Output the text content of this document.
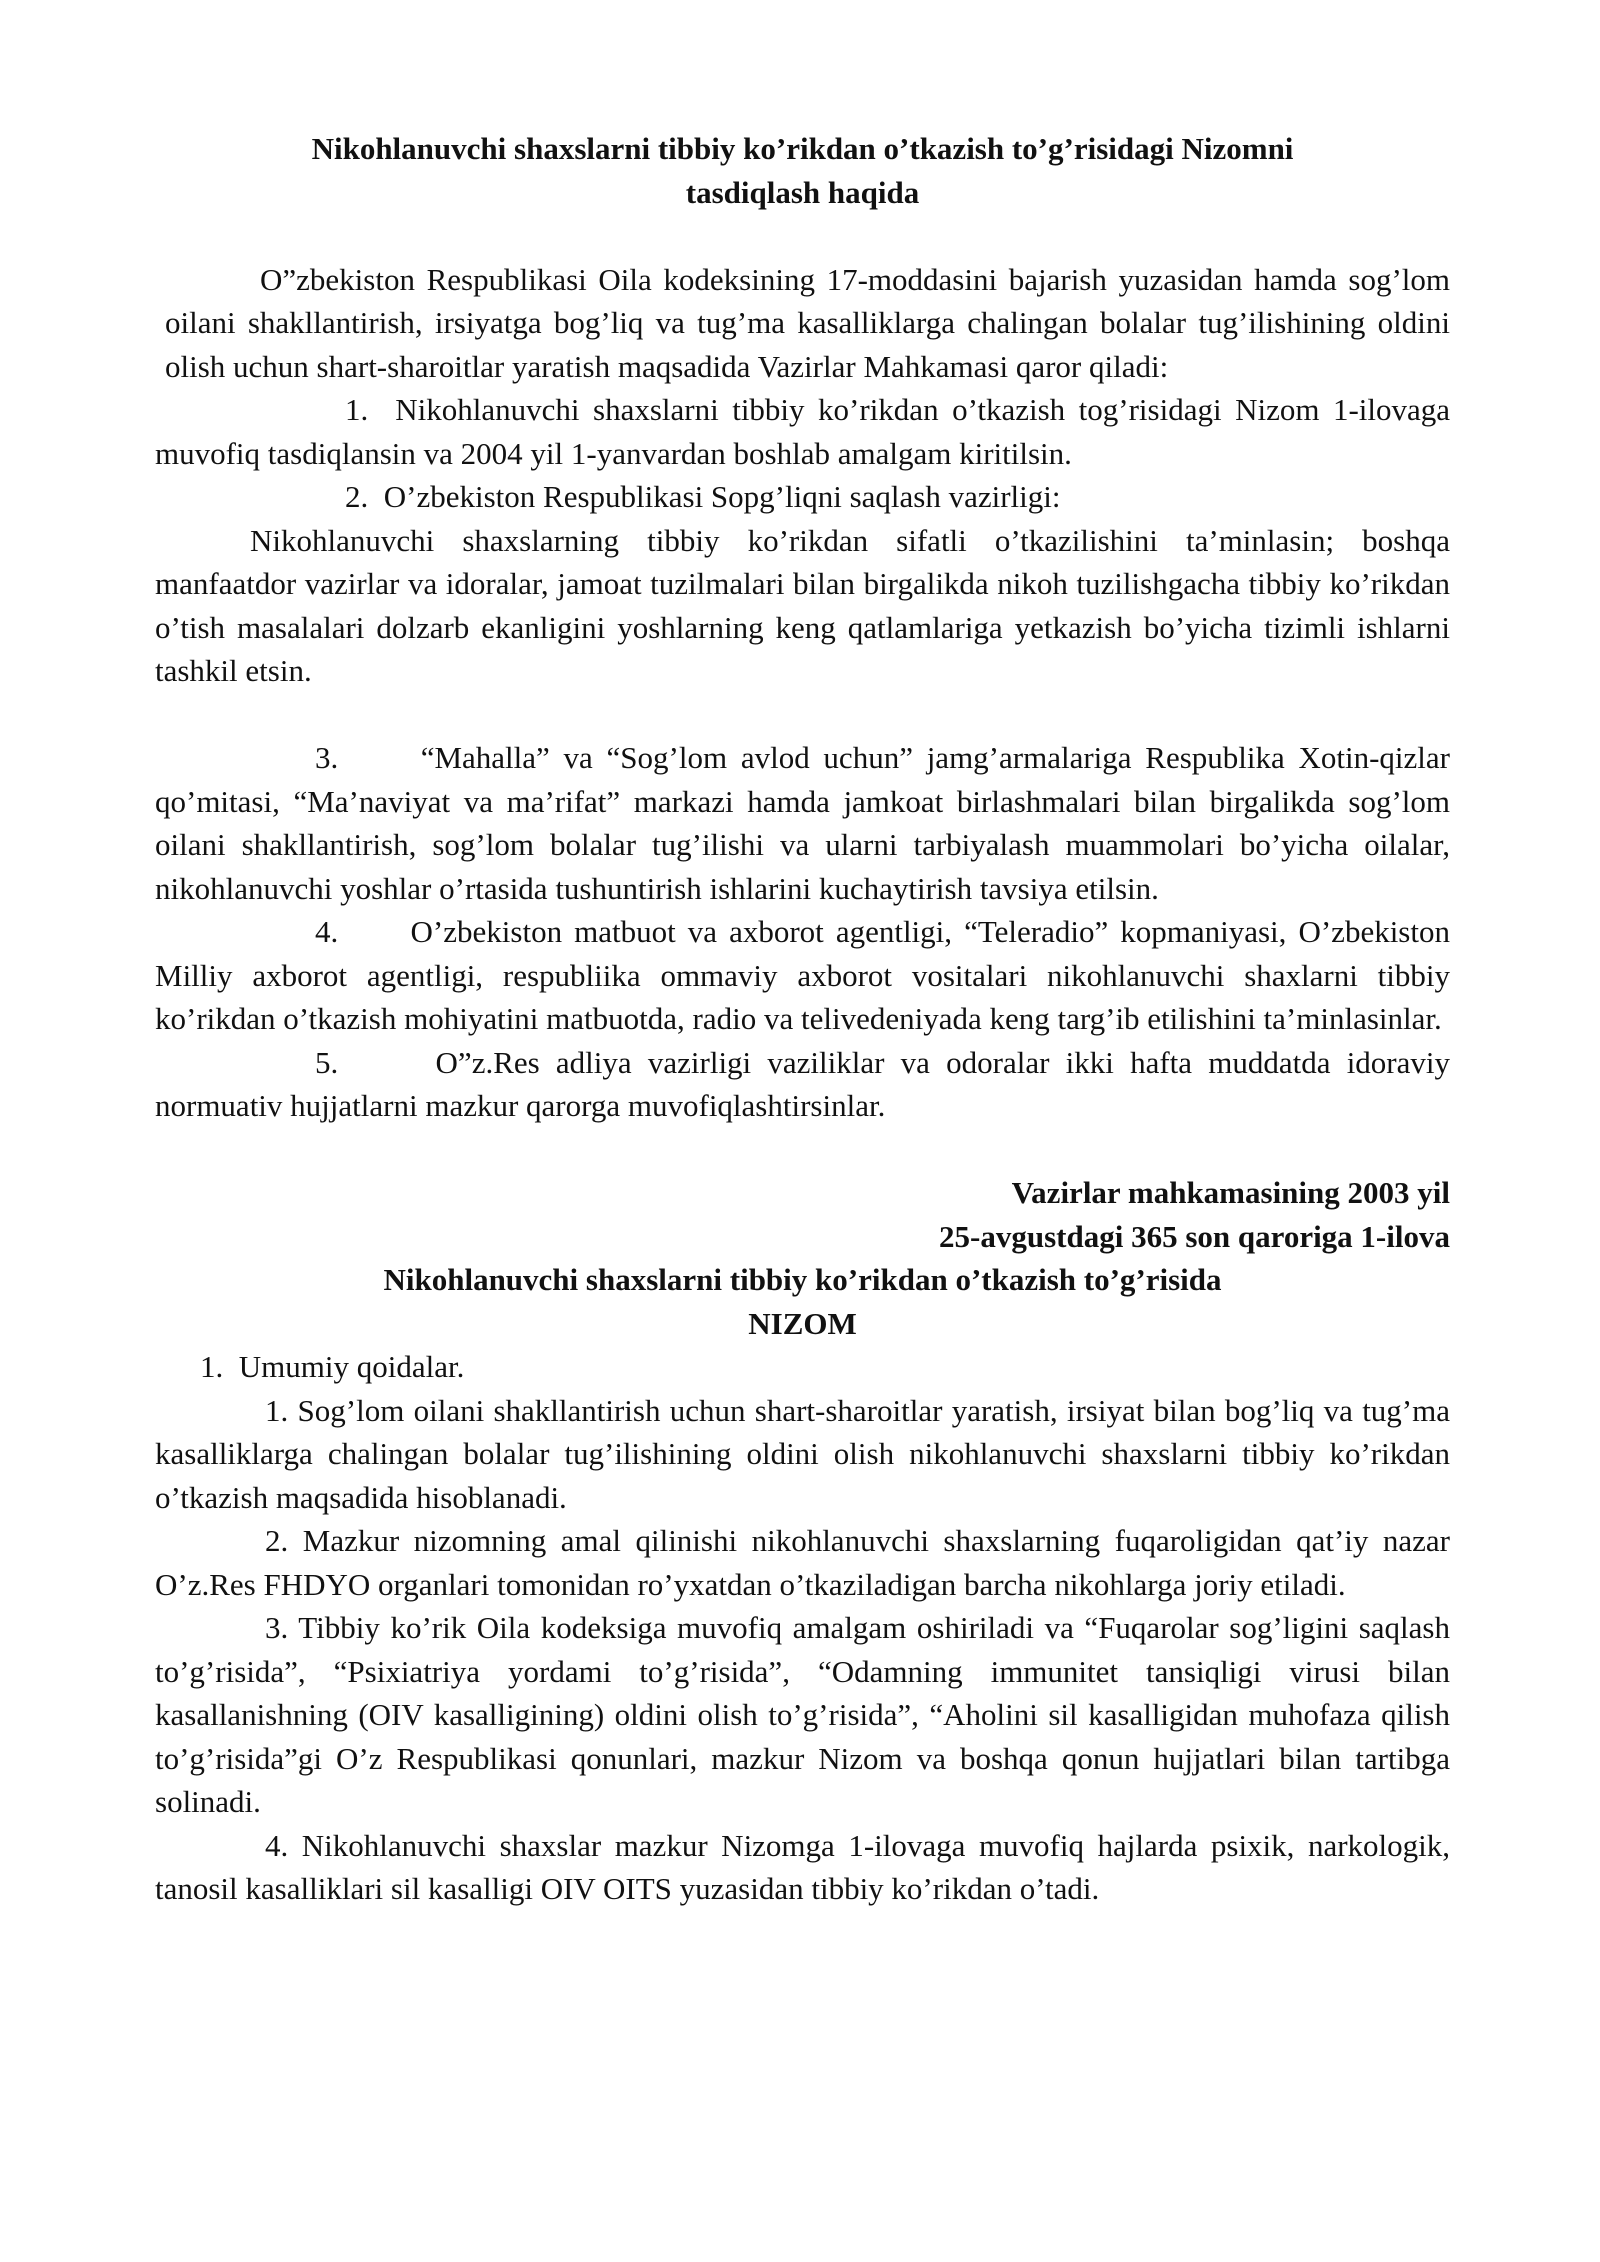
Nikohlanuvchi shaxslarni tibbiy ko’rikdan o’tkazish to’g’risidagi Nizomni
tasdiqlash haqida

O”zbekiston Respublikasi Oila kodeksining 17-moddasini bajarish yuzasidan hamda sog’lom oilani shakllantirish, irsiyatga bog’liq va tug’ma kasalliklarga chalingan bolalar tug’ilishining oldini olish uchun shart-sharoitlar yaratish maqsadida Vazirlar Mahkamasi qaror qiladi:

1. Nikohlanuvchi shaxslarni tibbiy ko’rikdan o’tkazish tog’risidagi Nizom 1-ilovaga muvofiq tasdiqlansin va 2004 yil 1-yanvardan boshlab amalgam kiritilsin.

2. O’zbekiston Respublikasi Sopg’liqni saqlash vazirligi:

Nikohlanuvchi shaxslarning tibbiy ko’rikdan sifatli o’tkazilishini ta’minlasin; boshqa manfaatdor vazirlar va idoralar, jamoat tuzilmalari bilan birgalikda nikoh tuzilishgacha tibbiy ko’rikdan o’tish masalalari dolzarb ekanligini yoshlarning keng qatlamlariga yetkazish bo’yicha tizimli ishlarni tashkil etsin.

3.	“Mahalla” va “Sog’lom avlod uchun” jamg’armalariga Respublika Xotin-qizlar qo’mitasi, “Ma’naviyat va ma’rifat” markazi hamda jamkoat birlashmalari bilan birgalikda sog’lom oilani shakllantirish, sog’lom bolalar tug’ilishi va ularni tarbiyalash muammolari bo’yicha oilalar, nikohlanuvchi yoshlar o’rtasida tushuntirish ishlarini kuchaytirish tavsiya etilsin.

4. O’zbekiston matbuot va axborot agentligi, “Teleradio” kopmaniyasi, O’zbekiston Milliy axborot agentligi, respubliika ommaviy axborot vositalari nikohlanuvchi shaxlarni tibbiy ko’rikdan o’tkazish mohiyatini matbuotda, radio va telivedeniyada keng targ’ib etilishini ta’minlasinlar.

5.	O”z.Res adliya vazirligi vaziliklar va odoralar ikki hafta muddatda idoraviy normuativ hujjatlarni mazkur qarorga muvofiqlashtirsinlar.

Vazirlar mahkamasining 2003 yil
25-avgustdagi 365 son qaroriga 1-ilova

Nikohlanuvchi shaxslarni tibbiy ko’rikdan o’tkazish to’g’risida
NIZOM

1. Umumiy qoidalar.

1. Sog’lom oilani shakllantirish uchun shart-sharoitlar yaratish, irsiyat bilan bog’liq va tug’ma kasalliklarga chalingan bolalar tug’ilishining oldini olish nikohlanuvchi shaxslarni tibbiy ko’rikdan o’tkazish maqsadida hisoblanadi.

2. Mazkur nizomning amal qilinishi nikohlanuvchi shaxslarning fuqaroligidan qat’iy nazar O’z.Res FHDYO organlari tomonidan ro’yxatdan o’tkaziladigan barcha nikohlarga joriy etiladi.

3. Tibbiy ko’rik Oila kodeksiga muvofiq amalgam oshiriladi va “Fuqarolar sog’ligini saqlash to’g’risida”, “Psixiatriya yordami to’g’risida”, “Odamning immunitet tansiqligi virusi bilan kasallanishning (OIV kasalligining) oldini olish to’g’risida”, “Aholini sil kasalligidan muhofaza qilish to’g’risida”gi O’z Respublikasi qonunlari, mazkur Nizom va boshqa qonun hujjatlari bilan tartibga solinadi.

4. Nikohlanuvchi shaxslar mazkur Nizomga 1-ilovaga muvofiq hajlarda psixik, narkologik, tanosil kasalliklari sil kasalligi OIV OITS yuzasidan tibbiy ko’rikdan o’tadi.
